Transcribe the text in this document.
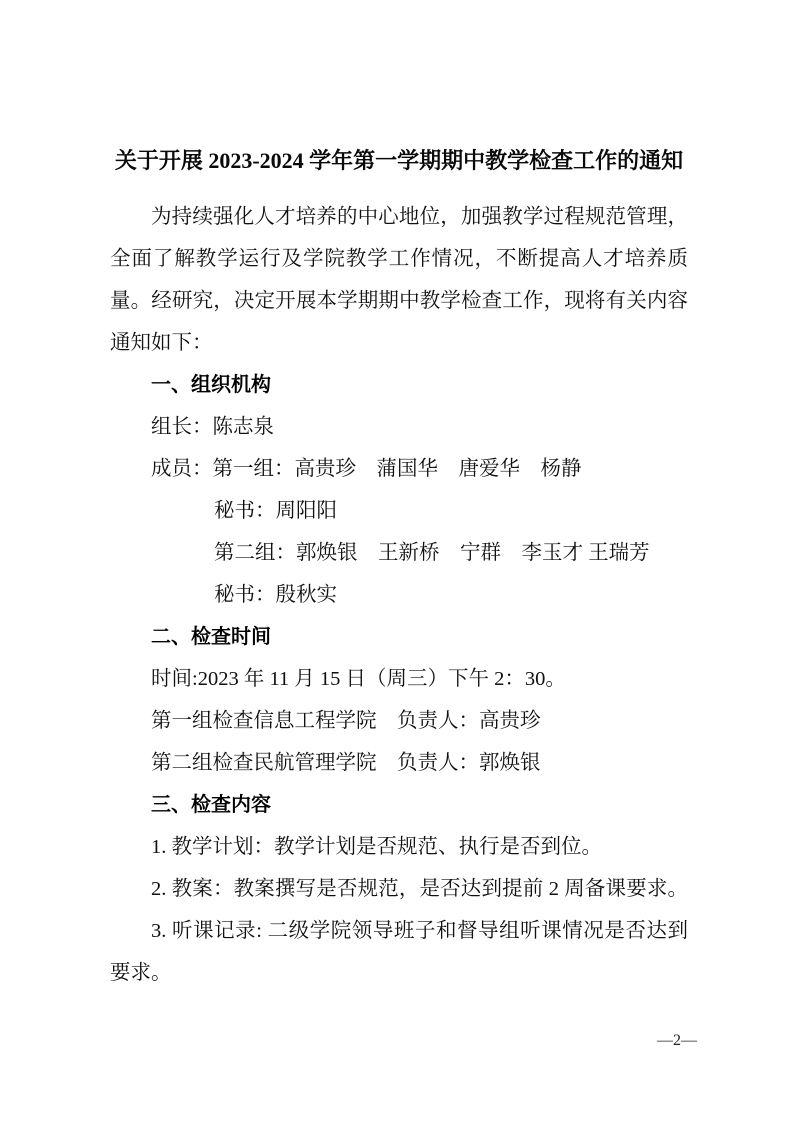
关于开展 2023-2024 学年第一学期期中教学检查工作的通知
为持续强化人才培养的中心地位，加强教学过程规范管理，
全面了解教学运行及学院教学工作情况，不断提高人才培养质
量。经研究，决定开展本学期期中教学检查工作，现将有关内容
通知如下：
一、组织机构
组长：陈志泉
成员：第一组：高贵珍　蒲国华　唐爱华　杨静
秘书：周阳阳
第二组：郭焕银　王新桥　宁群　李玉才 王瑞芳
秘书：殷秋实
二、检查时间
时间:2023 年 11 月 15 日（周三）下午 2：30。
第一组检查信息工程学院　负责人：高贵珍
第二组检查民航管理学院　负责人：郭焕银
三、检查内容
1. 教学计划：教学计划是否规范、执行是否到位。
2. 教案：教案撰写是否规范，是否达到提前 2 周备课要求。
3. 听课记录: 二级学院领导班子和督导组听课情况是否达到
要求。
—2—
